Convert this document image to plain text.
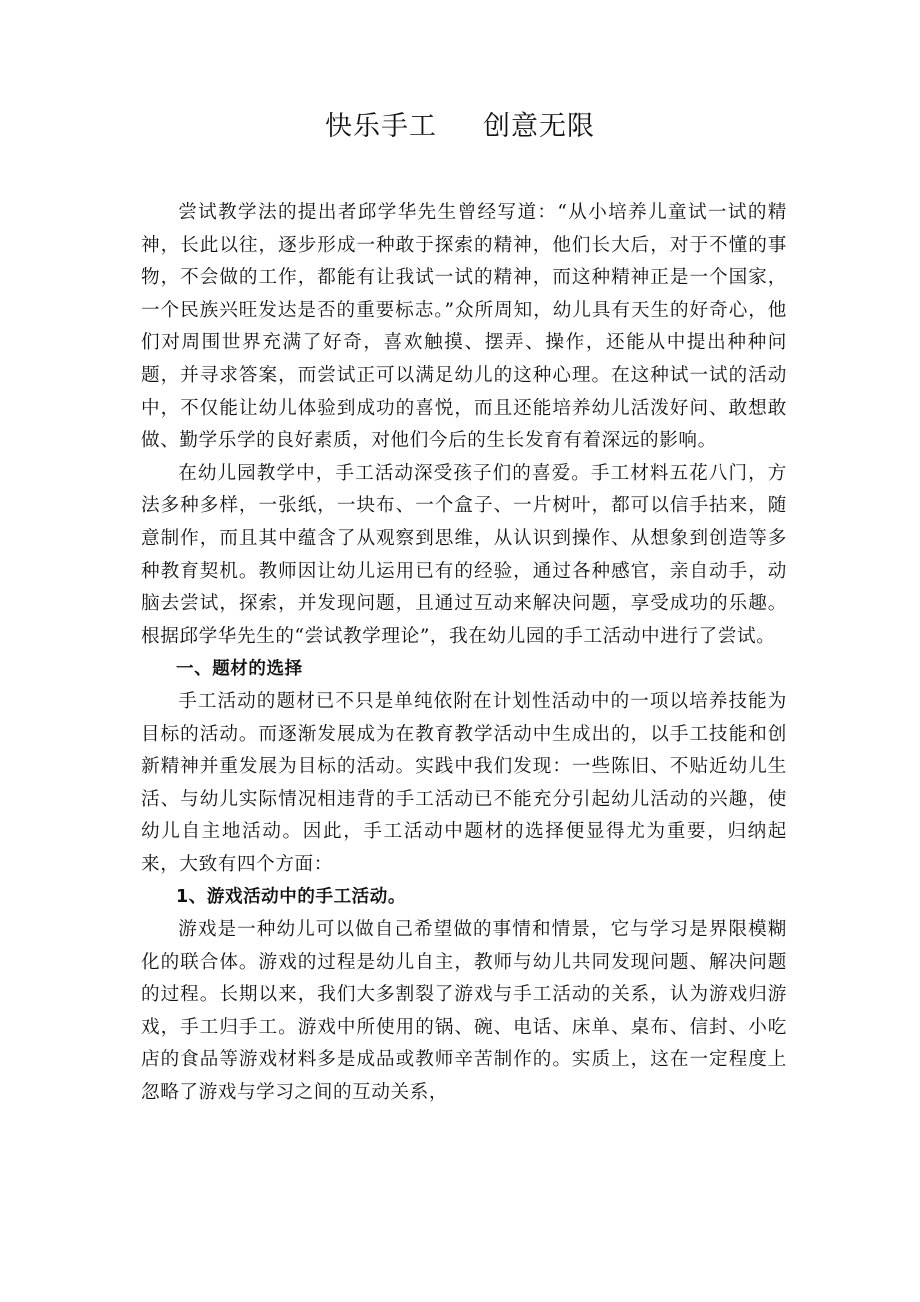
快乐手工 创意无限

尝试教学法的提出者邱学华先生曾经写道：“从小培养儿童试一试的精神，长此以往，逐步形成一种敢于探索的精神，他们长大后，对于不懂的事物，不会做的工作，都能有让我试一试的精神，而这种精神正是一个国家，一个民族兴旺发达是否的重要标志。”众所周知，幼儿具有天生的好奇心，他们对周围世界充满了好奇，喜欢触摸、摆弄、操作，还能从中提出种种问题，并寻求答案，而尝试正可以满足幼儿的这种心理。在这种试一试的活动中，不仅能让幼儿体验到成功的喜悦，而且还能培养幼儿活泼好问、敢想敢做、勤学乐学的良好素质，对他们今后的生长发育有着深远的影响。

在幼儿园教学中，手工活动深受孩子们的喜爱。手工材料五花八门，方法多种多样，一张纸，一块布、一个盒子、一片树叶，都可以信手拈来，随意制作，而且其中蕴含了从观察到思维，从认识到操作、从想象到创造等多种教育契机。教师因让幼儿运用已有的经验，通过各种感官，亲自动手，动脑去尝试，探索，并发现问题，且通过互动来解决问题，享受成功的乐趣。根据邱学华先生的“尝试教学理论”，我在幼儿园的手工活动中进行了尝试。

一、题材的选择

手工活动的题材已不只是单纯依附在计划性活动中的一项以培养技能为目标的活动。而逐渐发展成为在教育教学活动中生成出的，以手工技能和创新精神并重发展为目标的活动。实践中我们发现：一些陈旧、不贴近幼儿生活、与幼儿实际情况相违背的手工活动已不能充分引起幼儿活动的兴趣，使幼儿自主地活动。因此，手工活动中题材的选择便显得尤为重要，归纳起来，大致有四个方面：

1、游戏活动中的手工活动。

游戏是一种幼儿可以做自己希望做的事情和情景，它与学习是界限模糊化的联合体。游戏的过程是幼儿自主，教师与幼儿共同发现问题、解决问题的过程。长期以来，我们大多割裂了游戏与手工活动的关系，认为游戏归游戏，手工归手工。游戏中所使用的锅、碗、电话、床单、桌布、信封、小吃店的食品等游戏材料多是成品或教师辛苦制作的。实质上，这在一定程度上忽略了游戏与学习之间的互动关系，
